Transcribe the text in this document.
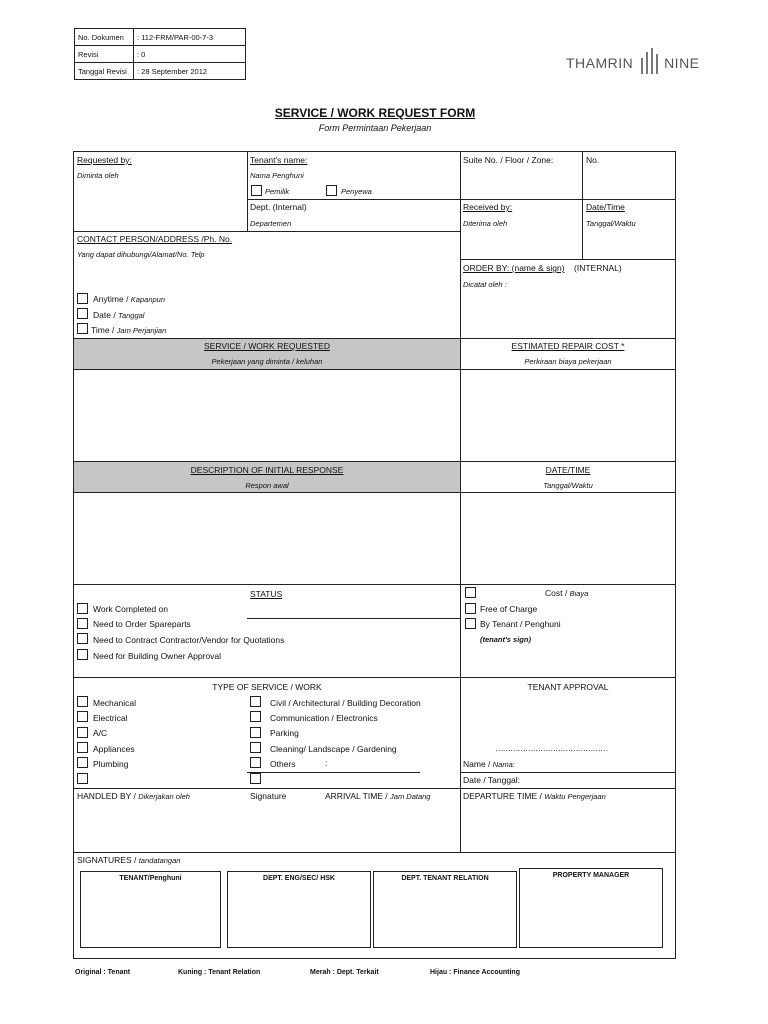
No. Dokumen	: 112-FRM/PAR-00-7-3
Revisi	: 0
Tanggal Revisi	: 28 September 2012	THAMRIN NINE
SERVICE / WORK REQUEST FORM
Form Permintaan Pekerjaan
Requested by:
Diminta oleh
Tenant's name:
Nama Penghuni
Pemilik	Penyewa
Suite No. / Floor / Zone:	No.
Dept. (Internal)
Departemen
Received by:
Diterima oleh
Date/Time
Tanggal/Waktu
CONTACT PERSON/ADDRESS /Ph. No.
Yang dapat dihubungi/Alamat/No. Telp
ORDER BY: (name & sign) (INTERNAL)
Dicatat oleh :
Anytime / Kapanpun
Date / Tanggal
Time / Jam Perjanjian
SERVICE / WORK REQUESTED
Pekerjaan yang diminta / keluhan
ESTIMATED REPAIR COST *
Perkiraan biaya pekerjaan
DESCRIPTION OF INITIAL RESPONSE
Respon awal
DATE/TIME
Tanggal/Waktu
STATUS
Work Completed on
Need to Order Spareparts
Need to Contract Contractor/Vendor for Quotations
Need for Building Owner Approval
Cost / Biaya
Free of Charge
By Tenant / Penghuni
(tenant's sign)
TYPE OF SERVICE / WORK
Mechanical
Electrical
A/C
Appliances
Plumbing
Civil / Architectural / Building Decoration
Communication / Electronics
Parking
Cleaning/ Landscape / Gardening
Others	:
TENANT APPROVAL
………………………………………
Name / Nama:
Date / Tanggal:
HANDLED BY / Dikerjakan oleh	Signature	ARRIVAL TIME / Jam Datang	DEPARTURE TIME / Waktu Pengerjaan
SIGNATURES / tandatangan
TENANT/Penghuni	DEPT. ENG/SEC/ HSK	DEPT. TENANT RELATION	PROPERTY MANAGER
Original : Tenant	Kuning : Tenant Relation	Merah : Dept. Terkait	Hijau : Finance Accounting
